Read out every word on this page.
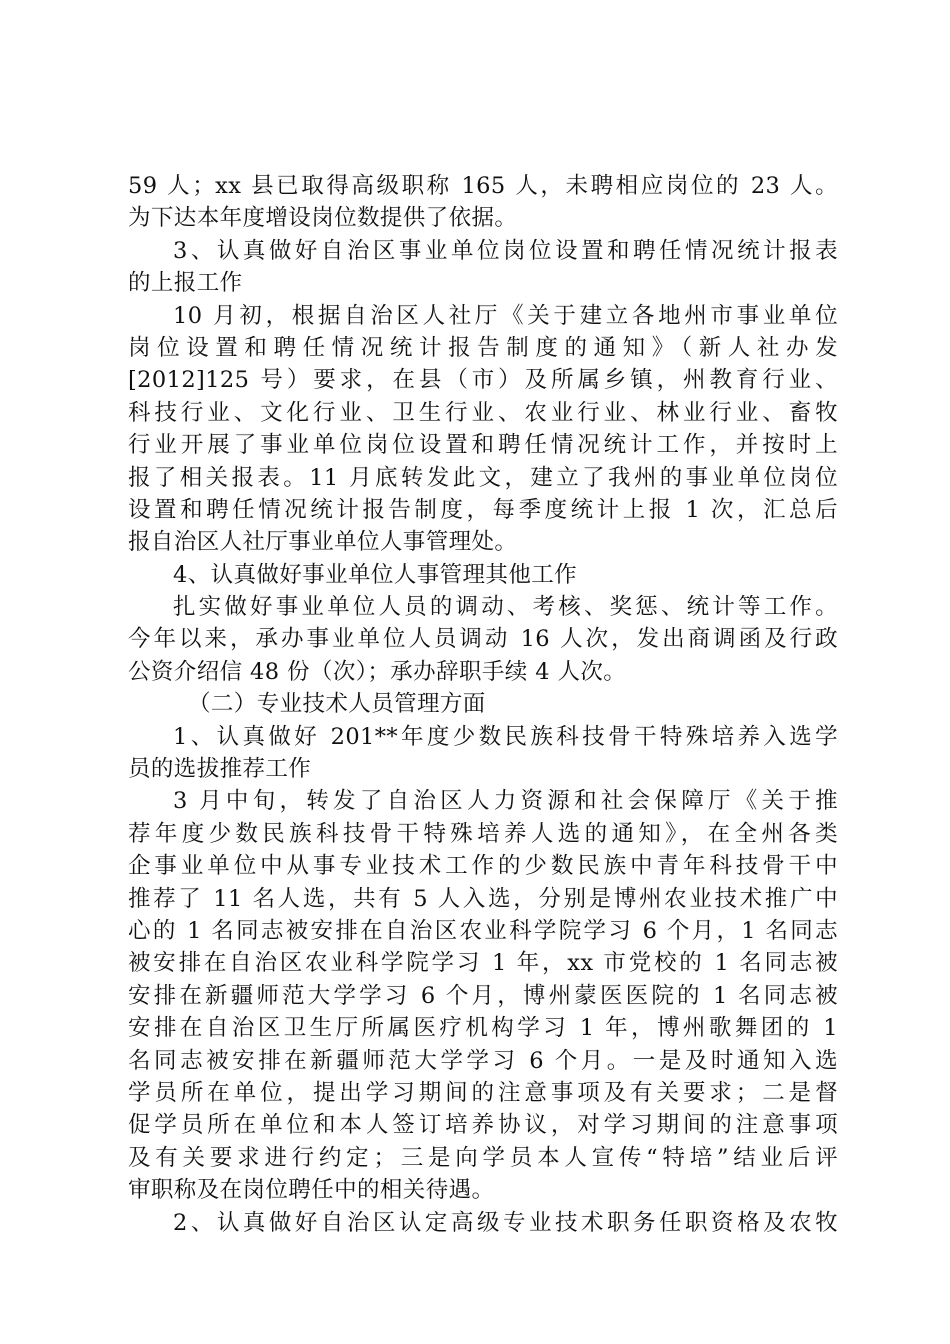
59 人；xx 县已取得高级职称 165 人，未聘相应岗位的 23 人。
为下达本年度增设岗位数提供了依据。
3、认真做好自治区事业单位岗位设置和聘任情况统计报表
的上报工作
10 月初，根据自治区人社厅《关于建立各地州市事业单位
岗位设置和聘任情况统计报告制度的通知》（新人社办发
[2012]125 号）要求，在县（市）及所属乡镇，州教育行业、
科技行业、文化行业、卫生行业、农业行业、林业行业、畜牧
行业开展了事业单位岗位设置和聘任情况统计工作，并按时上
报了相关报表。11 月底转发此文，建立了我州的事业单位岗位
设置和聘任情况统计报告制度，每季度统计上报 1 次，汇总后
报自治区人社厅事业单位人事管理处。
4、认真做好事业单位人事管理其他工作
扎实做好事业单位人员的调动、考核、奖惩、统计等工作。
今年以来，承办事业单位人员调动 16 人次，发出商调函及行政
公资介绍信 48 份（次）；承办辞职手续 4 人次。
（二）专业技术人员管理方面
1、认真做好 201**年度少数民族科技骨干特殊培养入选学
员的选拔推荐工作
3 月中旬，转发了自治区人力资源和社会保障厅《关于推
荐年度少数民族科技骨干特殊培养人选的通知》，在全州各类
企事业单位中从事专业技术工作的少数民族中青年科技骨干中
推荐了 11 名人选，共有 5 人入选，分别是博州农业技术推广中
心的 1 名同志被安排在自治区农业科学院学习 6 个月，1 名同志
被安排在自治区农业科学院学习 1 年，xx 市党校的 1 名同志被
安排在新疆师范大学学习 6 个月，博州蒙医医院的 1 名同志被
安排在自治区卫生厅所属医疗机构学习 1 年，博州歌舞团的 1
名同志被安排在新疆师范大学学习 6 个月。一是及时通知入选
学员所在单位，提出学习期间的注意事项及有关要求；二是督
促学员所在单位和本人签订培养协议，对学习期间的注意事项
及有关要求进行约定；三是向学员本人宣传“特培”结业后评
审职称及在岗位聘任中的相关待遇。
2、认真做好自治区认定高级专业技术职务任职资格及农牧
